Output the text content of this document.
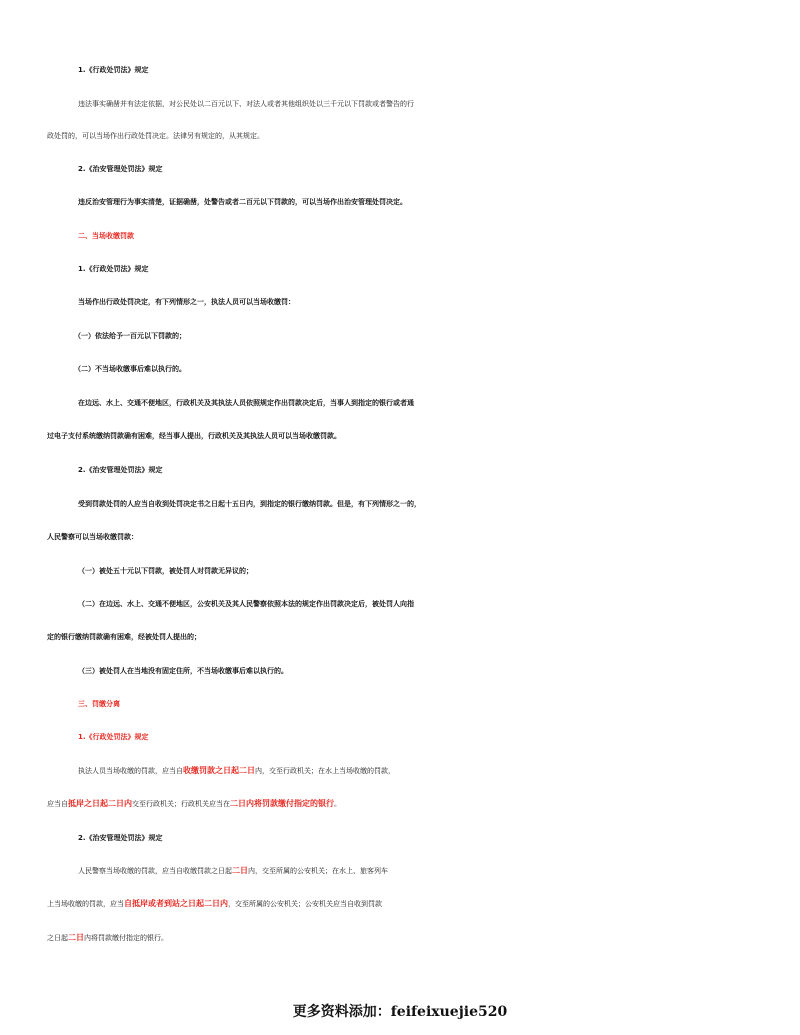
1.《行政处罚法》规定
违法事实确凿并有法定依据，对公民处以二百元以下、对法人或者其他组织处以三千元以下罚款或者警告的行
政处罚的，可以当场作出行政处罚决定。法律另有规定的，从其规定。
2.《治安管理处罚法》规定
违反治安管理行为事实清楚，证据确凿，处警告或者二百元以下罚款的，可以当场作出治安管理处罚决定。
二、当场收缴罚款
1.《行政处罚法》规定
当场作出行政处罚决定，有下列情形之一，执法人员可以当场收缴罚：
（一）依法给予一百元以下罚款的；
（二）不当场收缴事后难以执行的。
在边远、水上、交通不便地区，行政机关及其执法人员依照规定作出罚款决定后，当事人到指定的银行或者通
过电子支付系统缴纳罚款确有困难，经当事人提出，行政机关及其执法人员可以当场收缴罚款。
2.《治安管理处罚法》规定
受到罚款处罚的人应当自收到处罚决定书之日起十五日内，到指定的银行缴纳罚款。但是，有下列情形之一的，
人民警察可以当场收缴罚款：
（一）被处五十元以下罚款，被处罚人对罚款无异议的；
（二）在边远、水上、交通不便地区，公安机关及其人民警察依照本法的规定作出罚款决定后，被处罚人向指
定的银行缴纳罚款确有困难，经被处罚人提出的；
（三）被处罚人在当地没有固定住所，不当场收缴事后难以执行的。
三、罚缴分离
1.《行政处罚法》规定
执法人员当场收缴的罚款，应当自收缴罚款之日起二日内，交至行政机关；在水上当场收缴的罚款，
应当自抵岸之日起二日内交至行政机关；行政机关应当在二日内将罚款缴付指定的银行。
2.《治安管理处罚法》规定
人民警察当场收缴的罚款，应当自收缴罚款之日起二日内，交至所属的公安机关；在水上、旅客列车
上当场收缴的罚款，应当自抵岸或者到站之日起二日内，交至所属的公安机关；公安机关应当自收到罚款
之日起二日内将罚款缴付指定的银行。
更多资料添加：feifeixuejie520
